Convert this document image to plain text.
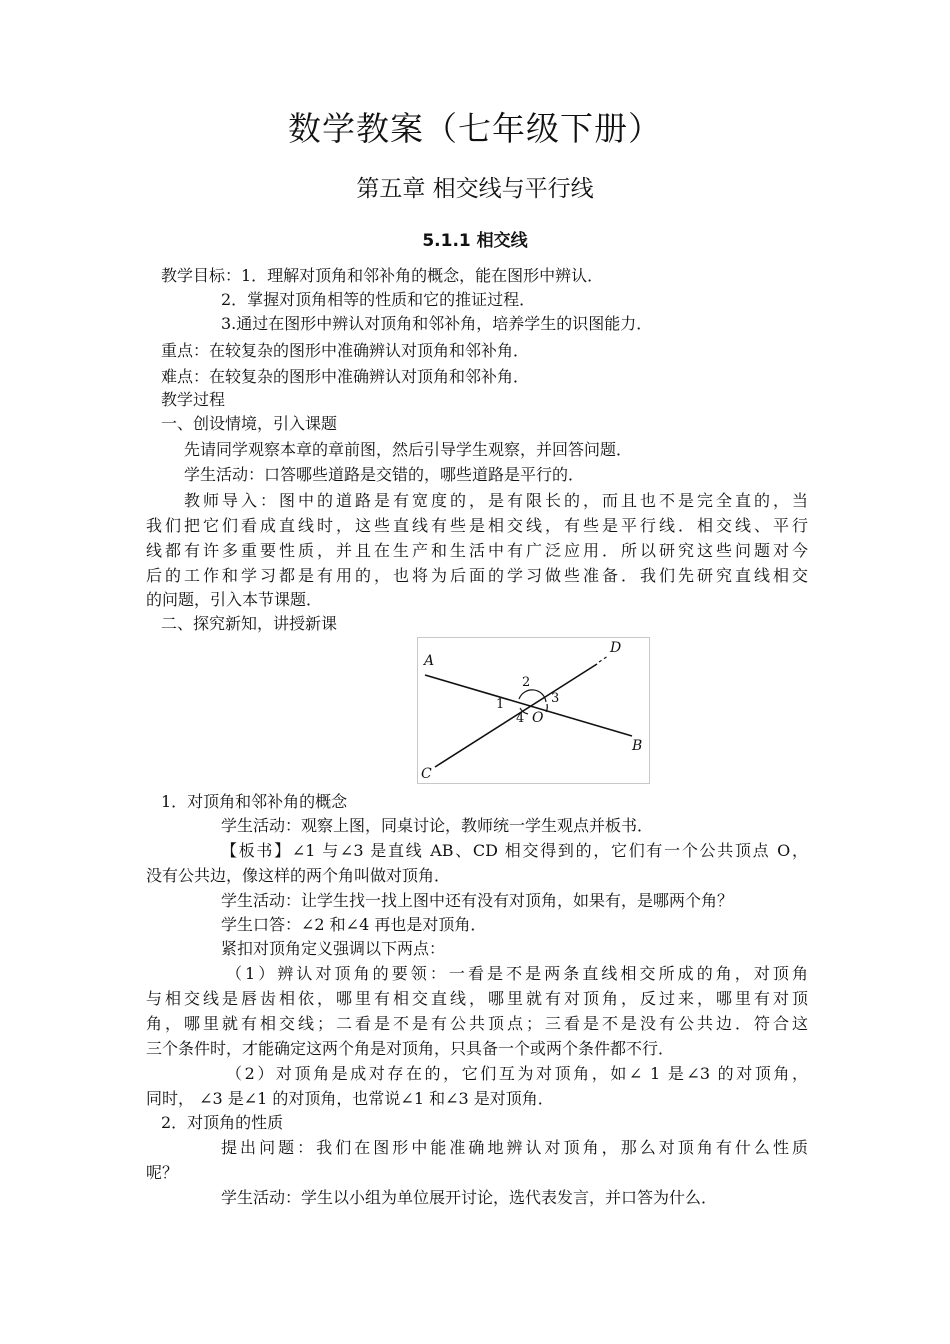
数学教案（七年级下册）
第五章 相交线与平行线
5.1.1 相交线
教学目标：1．理解对顶角和邻补角的概念，能在图形中辨认．
2．掌握对顶角相等的性质和它的推证过程．
3.通过在图形中辨认对顶角和邻补角，培养学生的识图能力．
重点：在较复杂的图形中准确辨认对顶角和邻补角．
难点：在较复杂的图形中准确辨认对顶角和邻补角．
教学过程
一、创设情境，引入课题
先请同学观察本章的章前图，然后引导学生观察，并回答问题．
学生活动：口答哪些道路是交错的，哪些道路是平行的．
教师导入：图中的道路是有宽度的，是有限长的，而且也不是完全直的，当
我们把它们看成直线时，这些直线有些是相交线，有些是平行线．相交线、平行
线都有许多重要性质，并且在生产和生活中有广泛应用．所以研究这些问题对今
后的工作和学习都是有用的，也将为后面的学习做些准备．我们先研究直线相交
的问题，引入本节课题．
二、探究新知，讲授新课
A
B
C
D
O
1
2
3
4
1．对顶角和邻补角的概念
学生活动：观察上图，同桌讨论，教师统一学生观点并板书．
【板书】∠1 与∠3 是直线 AB、CD 相交得到的，它们有一个公共顶点 O，
没有公共边，像这样的两个角叫做对顶角．
学生活动：让学生找一找上图中还有没有对顶角，如果有，是哪两个角？
学生口答：∠2 和∠4 再也是对顶角．
紧扣对顶角定义强调以下两点：
（1）辨认对顶角的要领：一看是不是两条直线相交所成的角，对顶角
与相交线是唇齿相依，哪里有相交直线，哪里就有对顶角，反过来，哪里有对顶
角，哪里就有相交线；二看是不是有公共顶点；三看是不是没有公共边．符合这
三个条件时，才能确定这两个角是对顶角，只具备一个或两个条件都不行．
（2）对顶角是成对存在的，它们互为对顶角，如∠ 1 是∠3 的对顶角，
同时， ∠3 是∠1 的对顶角，也常说∠1 和∠3 是对顶角．
2．对顶角的性质
提出问题：我们在图形中能准确地辨认对顶角，那么对顶角有什么性质
呢？
学生活动：学生以小组为单位展开讨论，选代表发言，并口答为什么．
